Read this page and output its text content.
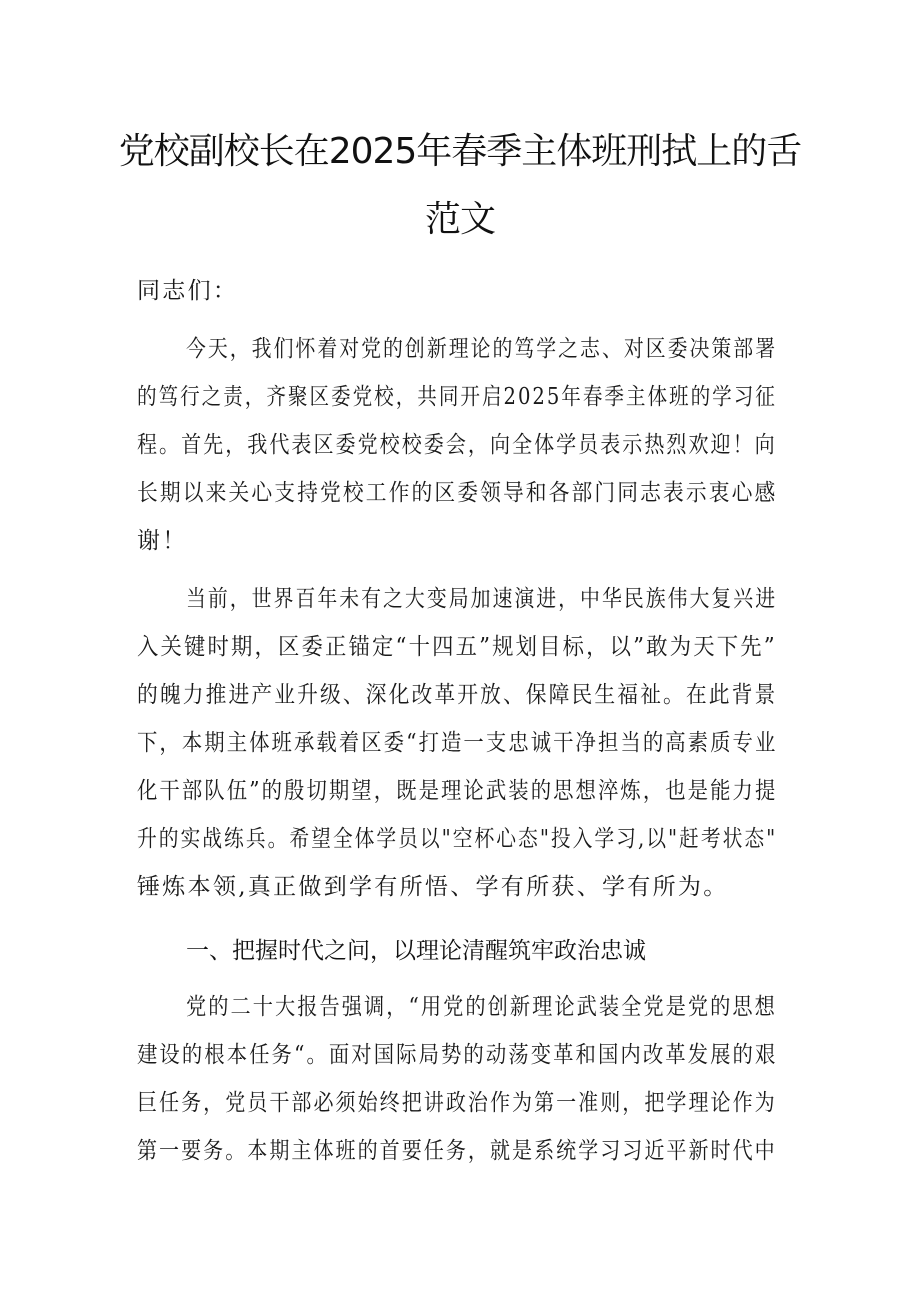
党校副校长在2025年春季主体班刑拭上的舌
范文

同志们：

今天，我们怀着对党的创新理论的笃学之志、对区委决策部署

的笃行之责，齐聚区委党校，共同开启2025年春季主体班的学习征

程。首先，我代表区委党校校委会，向全体学员表示热烈欢迎！向

长期以来关心支持党校工作的区委领导和各部门同志表示衷心感

谢！

当前，世界百年未有之大变局加速演进，中华民族伟大复兴进

入关键时期，区委正锚定“十四五”规划目标，以”敢为天下先”

的魄力推进产业升级、深化改革开放、保障民生福祉。在此背景

下，本期主体班承载着区委“打造一支忠诚干净担当的高素质专业

化干部队伍”的殷切期望，既是理论武装的思想淬炼，也是能力提

升的实战练兵。希望全体学员以"空杯心态"投入学习,以"赶考状态"

锤炼本领,真正做到学有所悟、学有所获、学有所为。

一、把握时代之问，以理论清醒筑牢政治忠诚

党的二十大报告强调，“用党的创新理论武装全党是党的思想

建设的根本任务“。面对国际局势的动荡变革和国内改革发展的艰

巨任务，党员干部必须始终把讲政治作为第一准则，把学理论作为

第一要务。本期主体班的首要任务，就是系统学习习近平新时代中
